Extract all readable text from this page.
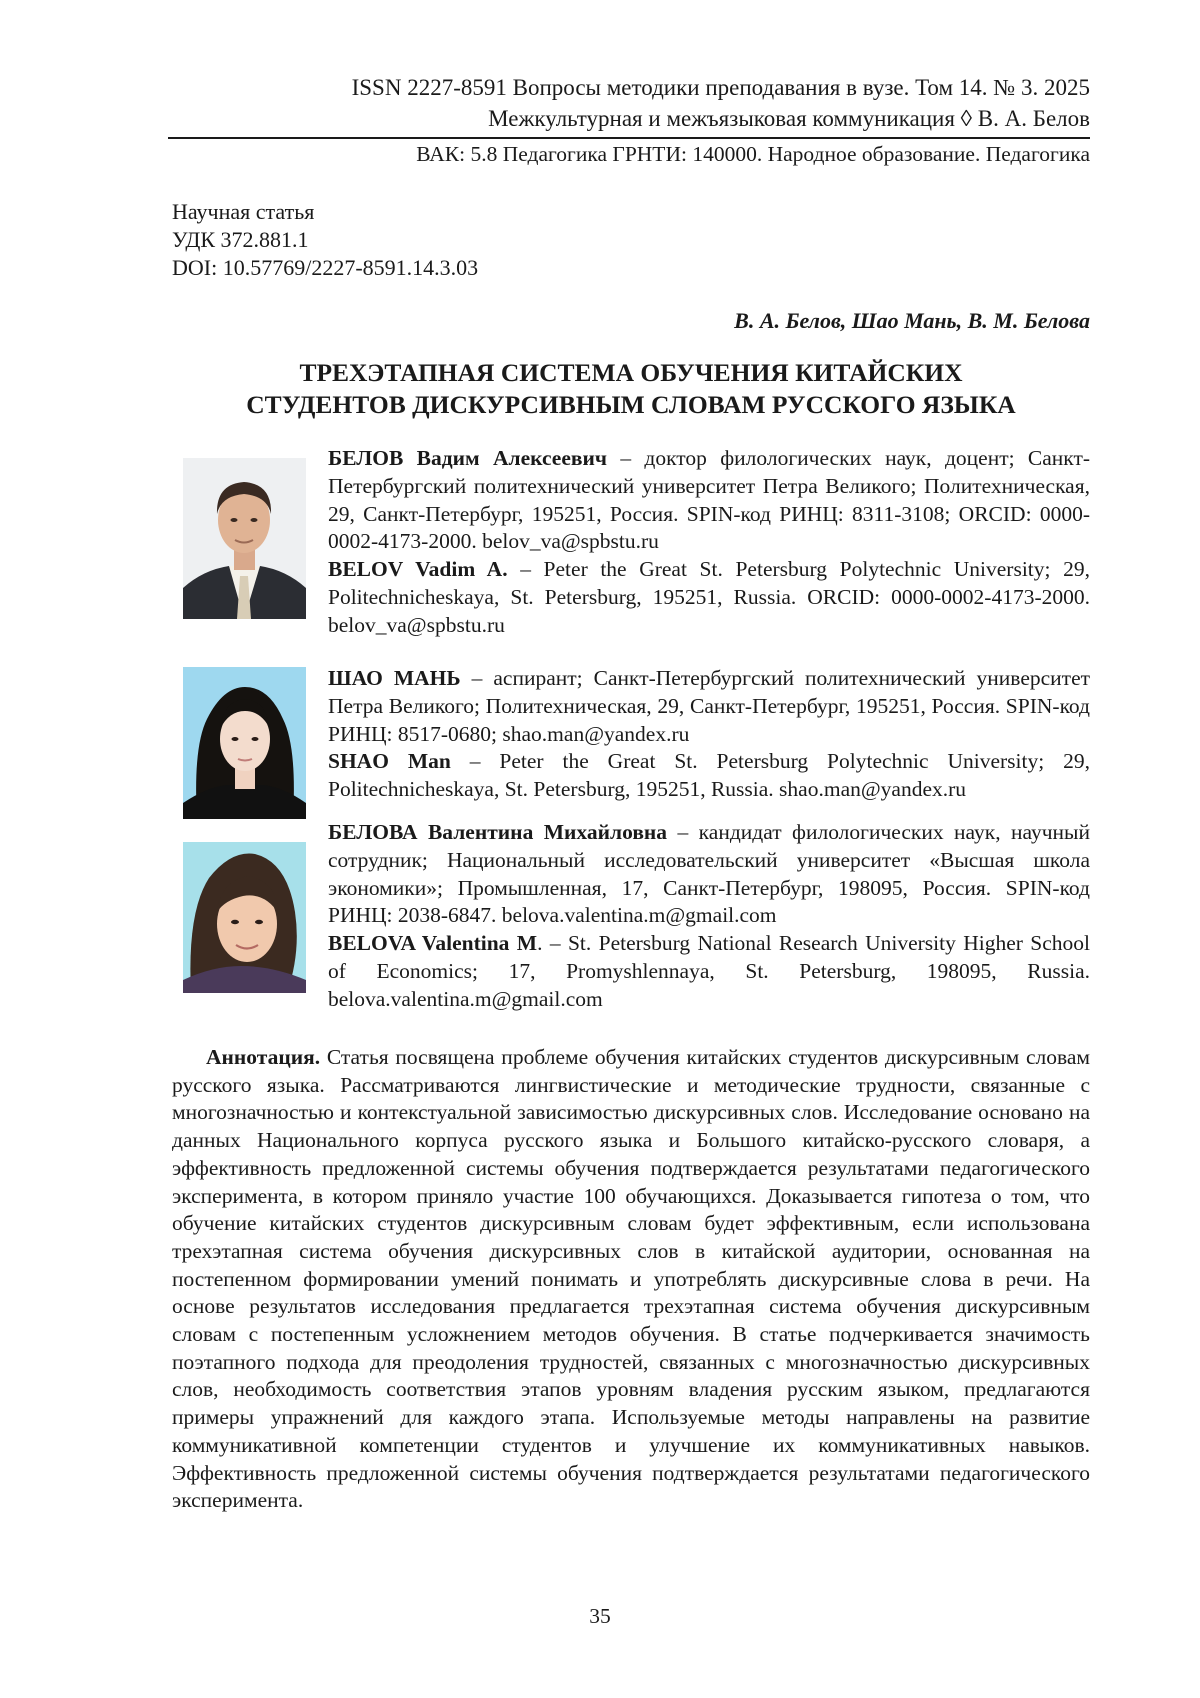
ISSN 2227-8591 Вопросы методики преподавания в вузе. Том 14. № 3. 2025
Межкультурная и межъязыковая коммуникация ◊ В. А. Белов
ВАК: 5.8 Педагогика ГРНТИ: 140000. Народное образование. Педагогика
Научная статья
УДК 372.881.1
DOI: 10.57769/2227-8591.14.3.03
В. А. Белов, Шао Мань, В. М. Белова
ТРЕХЭТАПНАЯ СИСТЕМА ОБУЧЕНИЯ КИТАЙСКИХ
СТУДЕНТОВ ДИСКУРСИВНЫМ СЛОВАМ РУССКОГО ЯЗЫКА

БЕЛОВ Вадим Алексеевич – доктор филологических наук, доцент; Санкт-Петербургский политехнический университет Петра Великого; Политехническая, 29, Санкт-Петербург, 195251, Россия. SPIN-код РИНЦ: 8311-3108; ORCID: 0000-0002-4173-2000. belov_va@spbstu.ru

BELOV Vadim A. – Peter the Great St. Petersburg Polytechnic University; 29, Politechnicheskaya, St. Petersburg, 195251, Russia. ORCID: 0000-0002-4173-2000. belov_va@spbstu.ru

ШАО МАНЬ – аспирант; Санкт-Петербургский политехнический университет Петра Великого; Политехническая, 29, Санкт-Петербург, 195251, Россия. SPIN-код РИНЦ: 8517-0680; shao.man@yandex.ru

SHAO Man – Peter the Great St. Petersburg Polytechnic University; 29, Politechnicheskaya, St. Petersburg, 195251, Russia. shao.man@yandex.ru

БЕЛОВА Валентина Михайловна – кандидат филологических наук, научный сотрудник; Национальный исследовательский университет «Высшая школа экономики»; Промышленная, 17, Санкт-Петербург, 198095, Россия. SPIN-код РИНЦ: 2038-6847. belova.valentina.m@gmail.com

BELOVA Valentina M. – St. Petersburg National Research University Higher School of Economics; 17, Promyshlennaya, St. Petersburg, 198095, Russia. belova.valentina.m@gmail.com

Аннотация. Статья посвящена проблеме обучения китайских студентов дискурсивным словам русского языка. Рассматриваются лингвистические и методические трудности, связанные с многозначностью и контекстуальной зависимостью дискурсивных слов. Исследование основано на данных Национального корпуса русского языка и Большого китайско-русского словаря, а эффективность предложенной системы обучения подтверждается результатами педагогического эксперимента, в котором приняло участие 100 обучающихся. Доказывается гипотеза о том, что обучение китайских студентов дискурсивным словам будет эффективным, если использована трехэтапная система обучения дискурсивных слов в китайской аудитории, основанная на постепенном формировании умений понимать и употреблять дискурсивные слова в речи. На основе результатов исследования предлагается трехэтапная система обучения дискурсивным словам с постепенным усложнением методов обучения. В статье подчеркивается значимость поэтапного подхода для преодоления трудностей, связанных с многозначностью дискурсивных слов, необходимость соответствия этапов уровням владения русским языком, предлагаются примеры упражнений для каждого этапа. Используемые методы направлены на развитие коммуникативной компетенции студентов и улучшение их коммуникативных навыков. Эффективность предложенной системы обучения подтверждается результатами педагогического эксперимента.
35
